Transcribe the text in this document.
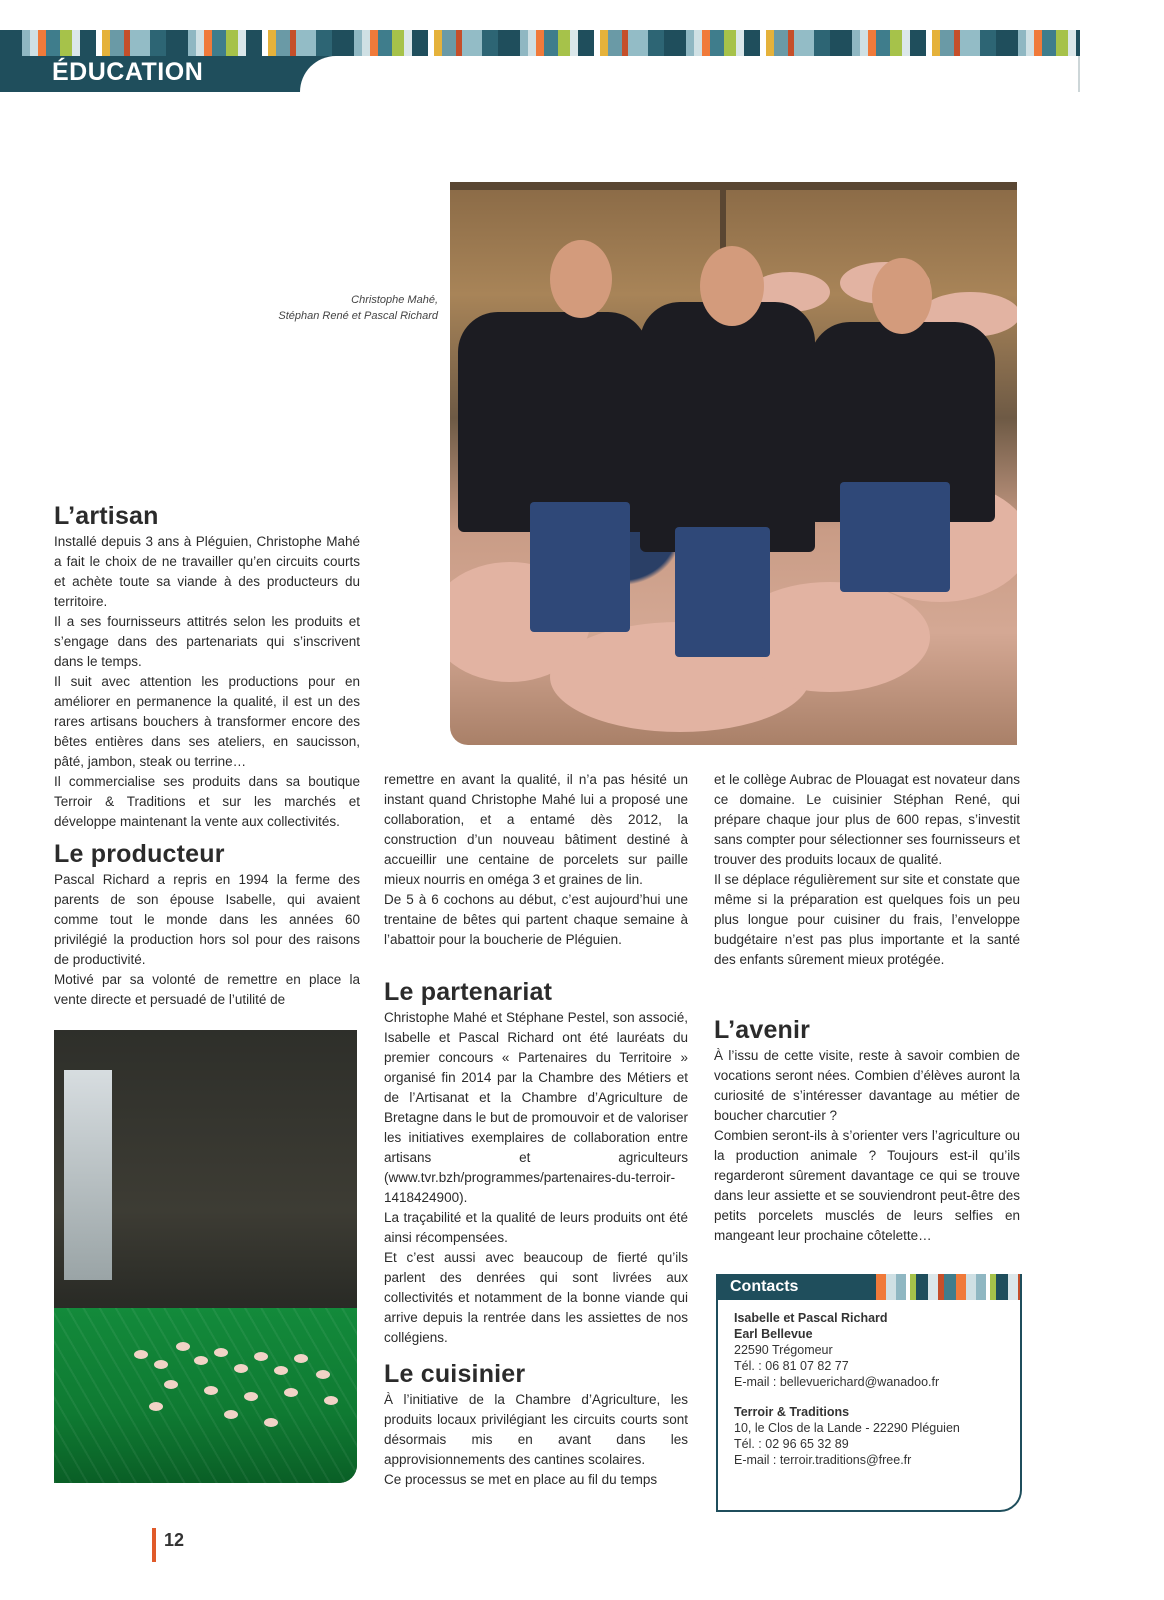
ÉDUCATION
Christophe Mahé,
Stéphan René et Pascal Richard
L’artisan

Installé depuis 3 ans à Pléguien, Christophe Mahé a fait le choix de ne travailler qu’en circuits courts et achète toute sa viande à des producteurs du territoire.

Il a ses fournisseurs attitrés selon les produits et s’engage dans des partenariats qui s’inscrivent dans le temps.

Il suit avec attention les productions pour en améliorer en permanence la qualité, il est un des rares artisans bouchers à transformer encore des bêtes entières dans ses ateliers, en saucisson, pâté, jambon, steak ou terrine…

Il commercialise ses produits dans sa boutique Terroir & Traditions et sur les marchés et développe maintenant la vente aux collectivités.

Le producteur

Pascal Richard a repris en 1994 la ferme des parents de son épouse Isabelle, qui avaient comme tout le monde dans les années 60 privilégié la production hors sol pour des raisons de productivité.

Motivé par sa volonté de remettre en place la vente directe et persuadé de l’utilité de

remettre en avant la qualité, il n’a pas hésité un instant quand Christophe Mahé lui a proposé une collaboration, et a entamé dès 2012, la construction d’un nouveau bâtiment destiné à accueillir une centaine de porcelets sur paille mieux nourris en oméga 3 et graines de lin.

De 5 à 6 cochons au début, c’est aujourd’hui une trentaine de bêtes qui partent chaque semaine à l’abattoir pour la boucherie de Pléguien.

Le partenariat

Christophe Mahé et Stéphane Pestel, son associé, Isabelle et Pascal Richard ont été lauréats du premier concours « Partenaires du Territoire » organisé fin 2014 par la Chambre des Métiers et de l’Artisanat et la Chambre d’Agriculture de Bretagne dans le but de promouvoir et de valoriser les initiatives exemplaires de collaboration entre artisans et agriculteurs (www.tvr.bzh/programmes/partenaires-du-terroir-1418424900).

La traçabilité et la qualité de leurs produits ont été ainsi récompensées.

Et c’est aussi avec beaucoup de fierté qu’ils parlent des denrées qui sont livrées aux collectivités et notamment de la bonne viande qui arrive depuis la rentrée dans les assiettes de nos collégiens.

Le cuisinier

À l’initiative de la Chambre d’Agriculture, les produits locaux privilégiant les circuits courts sont désormais mis en avant dans les approvisionnements des cantines scolaires.

Ce processus se met en place au fil du temps

et le collège Aubrac de Plouagat est novateur dans ce domaine. Le cuisinier Stéphan René, qui prépare chaque jour plus de 600 repas, s’investit sans compter pour sélectionner ses fournisseurs et trouver des produits locaux de qualité.

Il se déplace régulièrement sur site et constate que même si la préparation est quelques fois un peu plus longue pour cuisiner du frais, l’enveloppe budgétaire n’est pas plus importante et la santé des enfants sûrement mieux protégée.

L’avenir

À l’issu de cette visite, reste à savoir combien de vocations seront nées. Combien d’élèves auront la curiosité de s’intéresser davantage au métier de boucher charcutier ?

Combien seront-ils à s’orienter vers l’agriculture ou la production animale ? Toujours est-il qu’ils regarderont sûrement davantage ce qui se trouve dans leur assiette et se souviendront peut-être des petits porcelets musclés de leurs selfies en mangeant leur prochaine côtelette…

Contacts
Isabelle et Pascal Richard
Earl Bellevue
22590 Trégomeur
Tél. : 06 81 07 82 77
E-mail : bellevuerichard@wanadoo.fr
Terroir & Traditions
10, le Clos de la Lande - 22290 Pléguien
Tél. : 02 96 65 32 89
E-mail : terroir.traditions@free.fr
12
